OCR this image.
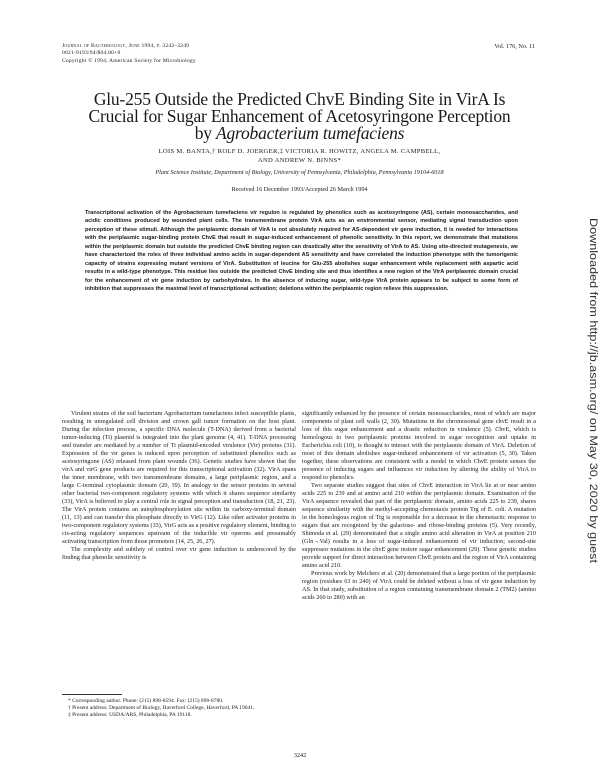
Journal of Bacteriology, June 1994, p. 3242–3249
0021-9193/94/$04.00+0
Copyright © 1994, American Society for Microbiology
Vol. 176, No. 11
Glu-255 Outside the Predicted ChvE Binding Site in VirA Is
Crucial for Sugar Enhancement of Acetosyringone Perception
by Agrobacterium tumefaciens
LOIS M. BANTA,† ROLF D. JOERGER,‡ VICTORIA R. HOWITZ, ANGELA M. CAMPBELL,
AND ANDREW N. BINNS*
Plant Science Institute, Department of Biology, University of Pennsylvania, Philadelphia, Pennsylvania 19104-6018
Received 16 December 1993/Accepted 26 March 1994
Transcriptional activation of the Agrobacterium tumefaciens vir regulon is regulated by phenolics such as acetosyringone (AS), certain monosaccharides, and acidic conditions produced by wounded plant cells. The transmembrane protein VirA acts as an environmental sensor, mediating signal transduction upon perception of these stimuli. Although the periplasmic domain of VirA is not absolutely required for AS-dependent vir gene induction, it is needed for interactions with the periplasmic sugar-binding protein ChvE that result in sugar-induced enhancement of phenolic sensitivity. In this report, we demonstrate that mutations within the periplasmic domain but outside the predicted ChvE binding region can drastically alter the sensitivity of VirA to AS. Using site-directed mutagenesis, we have characterized the roles of three individual amino acids in sugar-dependent AS sensitivity and have correlated the induction phenotype with the tumorigenic capacity of strains expressing mutant versions of VirA. Substitution of leucine for Glu-255 abolishes sugar enhancement while replacement with aspartic acid results in a wild-type phenotype. This residue lies outside the predicted ChvE binding site and thus identifies a new region of the VirA periplasmic domain crucial for the enhancement of vir gene induction by carbohydrates. In the absence of inducing sugar, wild-type VirA protein appears to be subject to some form of inhibition that suppresses the maximal level of transcriptional activation; deletions within the periplasmic region relieve this suppression.

Virulent strains of the soil bacterium Agrobacterium tumefaciens infect susceptible plants, resulting in unregulated cell division and crown gall tumor formation on the host plant. During the infection process, a specific DNA molecule (T-DNA) derived from a bacterial tumor-inducing (Ti) plasmid is integrated into the plant genome (4, 41). T-DNA processing and transfer are mediated by a number of Ti plasmid-encoded virulence (Vir) proteins (31). Expression of the vir genes is induced upon perception of substituted phenolics such as acetosyringone (AS) released from plant wounds (36). Genetic studies have shown that the virA and virG gene products are required for this transcriptional activation (32). VirA spans the inner membrane, with two transmembrane domains, a large periplasmic region, and a large C-terminal cytoplasmic domain (20, 39). In analogy to the sensor proteins in several other bacterial two-component regulatory systems with which it shares sequence similarity (33), VirA is believed to play a central role in signal perception and transduction (18, 21, 23). The VirA protein contains an autophosphorylation site within its carboxy-terminal domain (11, 13) and can transfer this phosphate directly to VirG (12). Like other activator proteins in two-component regulatory systems (33), VirG acts as a positive regulatory element, binding to cis-acting regulatory sequences upstream of the inducible vir operons and presumably activating transcription from those promoters (14, 25, 26, 27).

The complexity and subtlety of control over vir gene induction is underscored by the finding that phenolic sensitivity is

significantly enhanced by the presence of certain monosaccharides, most of which are major components of plant cell walls (2, 30). Mutations in the chromosomal gene chvE result in a loss of this sugar enhancement and a drastic reduction in virulence (5). ChvE, which is homologous to two periplasmic proteins involved in sugar recognition and uptake in Escherichia coli (10), is thought to interact with the periplasmic domain of VirA. Deletion of most of this domain abolishes sugar-induced enhancement of vir activation (5, 30). Taken together, these observations are consistent with a model in which ChvE protein senses the presence of inducing sugars and influences vir induction by altering the ability of VirA to respond to phenolics.

Two separate studies suggest that sites of ChvE interaction in VirA lie at or near amino acids 225 to 239 and at amino acid 210 within the periplasmic domain. Examination of the VirA sequence revealed that part of the periplasmic domain, amino acids 225 to 239, shares sequence similarity with the methyl-accepting chemotaxis protein Trg of E. coli. A mutation in the homologous region of Trg is responsible for a decrease in the chemotactic response to sugars that are recognized by the galactose- and ribose-binding proteins (5). Very recently, Shimoda et al. (29) demonstrated that a single amino acid alteration in VirA at position 210 (Gln→Val) results in a loss of sugar-induced enhancement of vir induction; second-site suppressor mutations in the chvE gene restore sugar enhancement (29). These genetic studies provide support for direct interaction between ChvE protein and the region of VirA containing amino acid 210.

Previous work by Melchers et al. (20) demonstrated that a large portion of the periplasmic region (residues 63 to 240) of VirA could be deleted without a loss of vir gene induction by AS. In that study, substitution of a region containing transmembrane domain 2 (TM2) (amino acids 260 to 280) with an

* Corresponding author. Phone: (215) 898-8594. Fax: (215) 898-8780.
† Present address: Department of Biology, Haverford College, Haverford, PA 19041.
‡ Present address: USDA/ARS, Philadelphia, PA 19118.
3242
Downloaded from http://jb.asm.org/ on May 30, 2020 by guest
